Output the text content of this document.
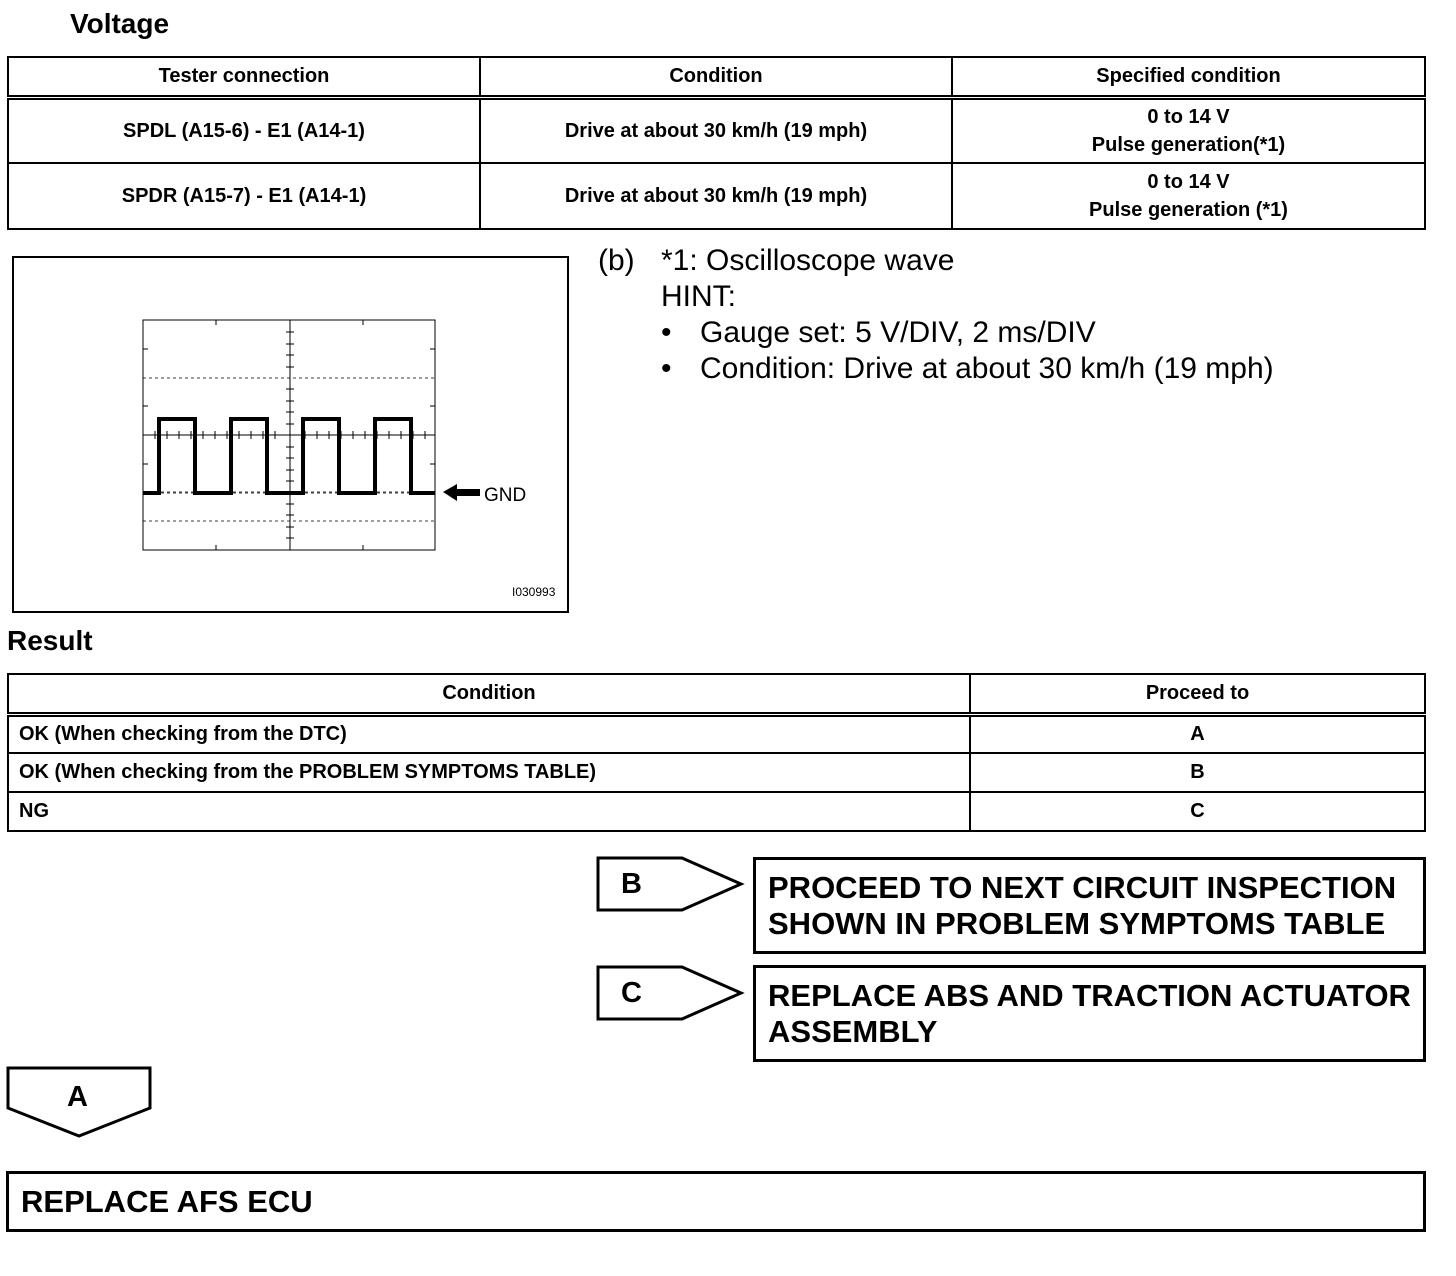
Voltage
Tester connection	Condition	Specified condition
SPDL (A15-6) - E1 (A14-1)	Drive at about 30 km/h (19 mph)	0 to 14 V
Pulse generation(*1)

SPDR (A15-7) - E1 (A14-1)	Drive at about 30 km/h (19 mph)	0 to 14 V
Pulse generation (*1)
GND
I030993
(b) *1: Oscilloscope wave
HINT:
• Gauge set: 5 V/DIV, 2 ms/DIV
• Condition: Drive at about 30 km/h (19 mph)
Result
Condition	Proceed to
OK (When checking from the DTC)	A
OK (When checking from the PROBLEM SYMPTOMS TABLE)	B
NG	C
B	PROCEED TO NEXT CIRCUIT INSPECTION
SHOWN IN PROBLEM SYMPTOMS TABLE
C	REPLACE ABS AND TRACTION ACTUATOR
ASSEMBLY
A
REPLACE AFS ECU
